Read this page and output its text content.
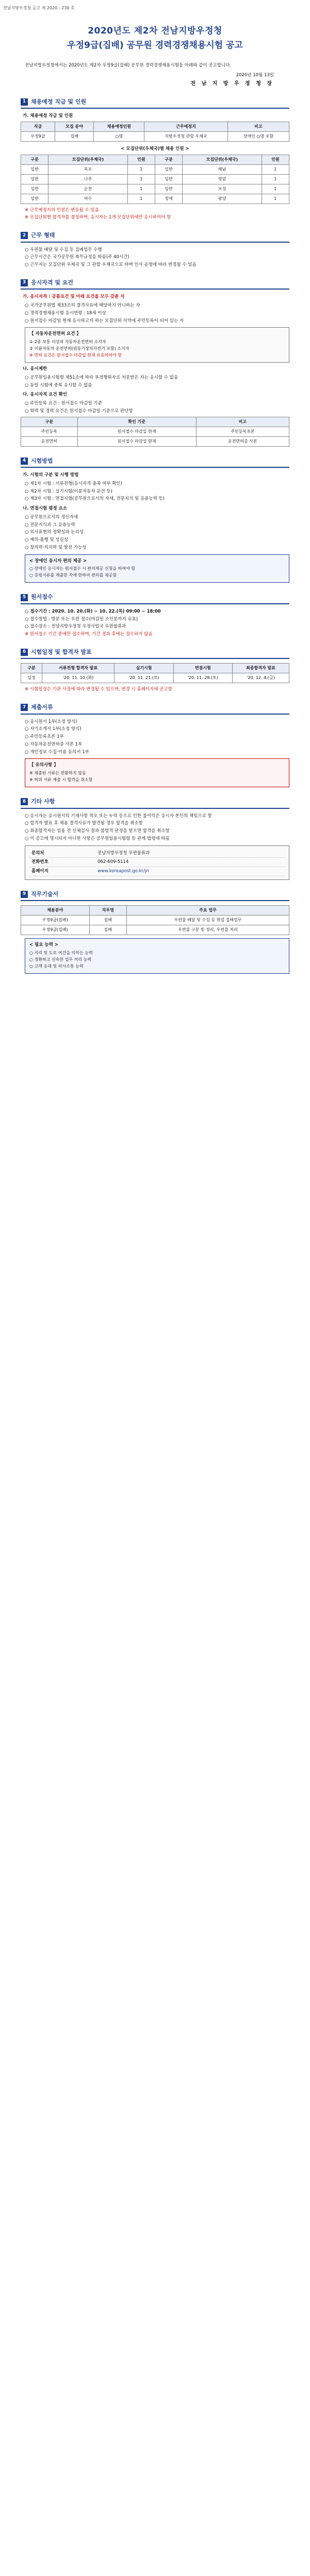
전남지방우정청 공고 제 2020 - 230 호
2020년도 제2차 전남지방우정청
우정9급(집배) 공무원 경력경쟁채용시험 공고
전남지방우정청에서는 2020년도 제2차 우정9급(집배) 공무원 경력경쟁채용시험을 아래와 같이 공고합니다.
2020년 10월 13일
전 남 지 방 우 정 청 장
1 채용예정 직급 및 인원
가. 채용예정 직급 및 인원
직급	모집 분야	채용예정인원	근무예정지	비고
우정9급	집배	○명	지방우정청 관할 우체국	장애인 ○명 포함
< 모집단위(우체국)별 채용 인원 >
구분	모집단위(우체국)	인원	구분	모집단위(우체국)	인원
일반	목포	1	일반	해남	1
일반	나주	1	일반	영암	1
일반	순천	1	일반	보성	1
일반	여수	1	장애	광양	1
※ 근무예정지의 인원은 변동될 수 있음
※ 모집단위별 합격자를 결정하며, 응시자는 1개 모집단위에만 응시하여야 함
2 근무 형태
○ 우편물 배달 및 수집 등 집배업무 수행
○ 근무시간은 국가공무원 복무규정을 따름(주 40시간)
○ 근무지는 모집단위 우체국 및 그 관할 우체국으로 하며 인사 운영에 따라 변경될 수 있음
3 응시자격 및 요건
가. 응시자격 : 공통요건 및 아래 요건을 모두 갖춘 자
○ 국가공무원법 제33조의 결격사유에 해당하지 아니하는 자
○ 경력경쟁채용시험 응시연령 : 18세 이상
○ 원서접수 마감일 현재 응시하고자 하는 모집단위 지역에 주민등록이 되어 있는 자
【 자동차운전면허 요건 】
① 2종 보통 이상의 자동차운전면허 소지자
② 이륜자동차 운전면허(원동기장치자전거 포함) 소지자
※ 면허 요건은 원서접수 마감일 현재 유효하여야 함
나. 응시제한
○ 공무원임용시험령 제51조에 따라 부정행위자로 처분받은 자는 응시할 수 없음
○ 동일 시험에 중복 응시할 수 없음
다. 응시자격 요건 확인
○ 주민등록 요건 : 원서접수 마감일 기준
○ 학력 및 경력 요건은 원서접수 마감일 기준으로 판단함
구분	확인 기준	비고
주민등록	원서접수 마감일 현재	주민등록초본
운전면허	원서접수 마감일 현재	운전면허증 사본
4 시험방법
가. 시험의 구분 및 시행 방법
○ 제1차 시험 : 서류전형(응시자격 충족 여부 확인)
○ 제2차 시험 : 실기시험(이륜자동차 운전 등)
○ 제3차 시험 : 면접시험(공무원으로서의 자세, 전문지식 및 응용능력 등)
나. 면접시험 평정 요소
○ 공무원으로서의 정신자세
○ 전문지식과 그 응용능력
○ 의사표현의 정확성과 논리성
○ 예의·품행 및 성실성
○ 창의력·의지력 및 발전 가능성
< 장애인 응시자 편의 제공 >
○ 장애인 응시자는 원서접수 시 편의제공 신청을 하여야 함
○ 증빙서류를 제출한 자에 한하여 편의를 제공함
5 원서접수
○ 접수기간 : 2020. 10. 20.(화) ~ 10. 22.(목) 09:00 ~ 18:00
○ 접수방법 : 방문 또는 우편 접수(마감일 소인분까지 유효)
○ 접수장소 : 전남지방우정청 우정사업국 우편물류과
※ 원서접수 기간 중에만 접수하며, 기간 경과 후에는 접수하지 않음
6 시험일정 및 합격자 발표
구분	서류전형 합격자 발표	실기시험	면접시험	최종합격자 발표
일정	'20. 11. 10.(화)	'20. 11. 21.(토)	'20. 11. 28.(토)	'20. 12. 4.(금)
※ 시험일정은 기관 사정에 따라 변경될 수 있으며, 변경 시 홈페이지에 공고함
7 제출서류
○ 응시원서 1부(소정 양식)
○ 자기소개서 1부(소정 양식)
○ 주민등록초본 1부
○ 자동차운전면허증 사본 1부
○ 개인정보 수집·이용 동의서 1부
【 유의사항 】
※ 제출된 서류는 반환하지 않음
※ 허위 서류 제출 시 합격을 취소함
8 기타 사항
○ 응시자는 응시원서의 기재사항 착오 또는 누락 등으로 인한 불이익은 응시자 본인의 책임으로 함
○ 합격자 발표 후 채용 결격사유가 발견될 경우 합격을 취소함
○ 최종합격자는 임용 전 신체검사 결과 불합격 판정을 받으면 합격을 취소함
○ 이 공고에 명시되지 아니한 사항은 공무원임용시험령 등 관계 법령에 따름
문의처	전남지방우정청 우편물류과
전화번호	062-609-5114
홈페이지	www.koreapost.go.kr/jn
9 직무기술서
채용분야	직무명	주요 업무
우정9급(집배)	집배	우편물 배달 및 수집 등 현업 집배업무
우정9급(집배)	집배	우편물 구분 및 정리, 우편물 처리
< 필요 능력 >
○ 지리 및 도로 여건을 익히는 능력
○ 정확하고 신속한 업무 처리 능력
○ 고객 응대 및 의사소통 능력
